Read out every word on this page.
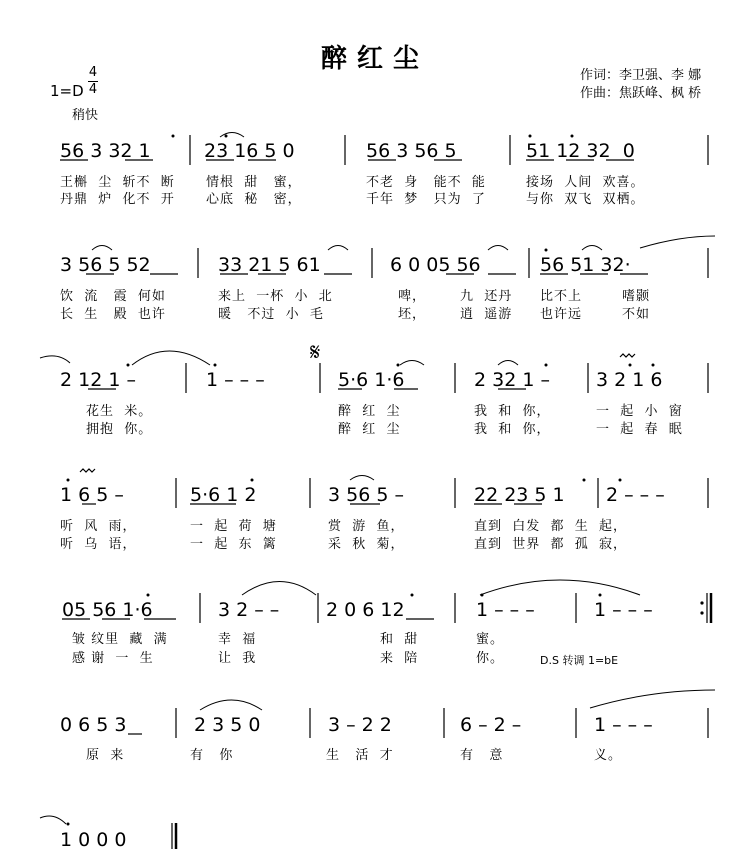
醉红尘
作词：李卫强、李 娜
作曲：焦跃峰、枫 桥
1=D
4
4
稍快
𝄋
D.S 转调 1=bE
56 3 32 1	23 16 5 0	56 3 56 5	51 12 32  0
3 56 5 52	33 21 5 61	6 0 05 56	56 51 32·
2 12 1 –	1 – – –	5·6 1·6	2 32 1 – 3 2 1 6
1 6 5 –	5·6 1 2	3 56 5 –	22 23 5 1 2 – – –
05 56 1·6	3 2 – – 2 0 6 12	1 – – –	1 – – –
0 6 5 3	2 3 5 0	3 – 2 2	6 – 2 –	1 – – –
1 0 0 0
王槲  尘  斩不  断 情根  甜   蜜，	不老  身   能不  能	接场  人间  欢喜。
丹鼎  炉  化不  开 心底  秘   密，	千年  梦   只为  了	与你  双飞  双栖。
饮  流   霞  何如	来上  一杯  小  北	啤，	九  还丹 比不上	嗜颢
长  生   殿  也许	暖   不过  小  毛	坯，	逍  遥游 也许远	不如
花生  米。	醉  红  尘	我  和  你，	一  起  小  窗
拥抱  你。	醉  红  尘	我  和  你，	一  起  春  眠
听  风  雨，	一  起  荷  塘	赏  游  鱼，	直到  白发  都  生  起，
听  乌  语，	一  起  东  篱	采  秋  菊，	直到  世界  都  孤  寂，
皱 纹里  藏  满	幸  福	和  甜	蜜。
感 谢  一  生	让  我	来  陪	你。
原  来	有   你	生   活  才	有   意	义。
